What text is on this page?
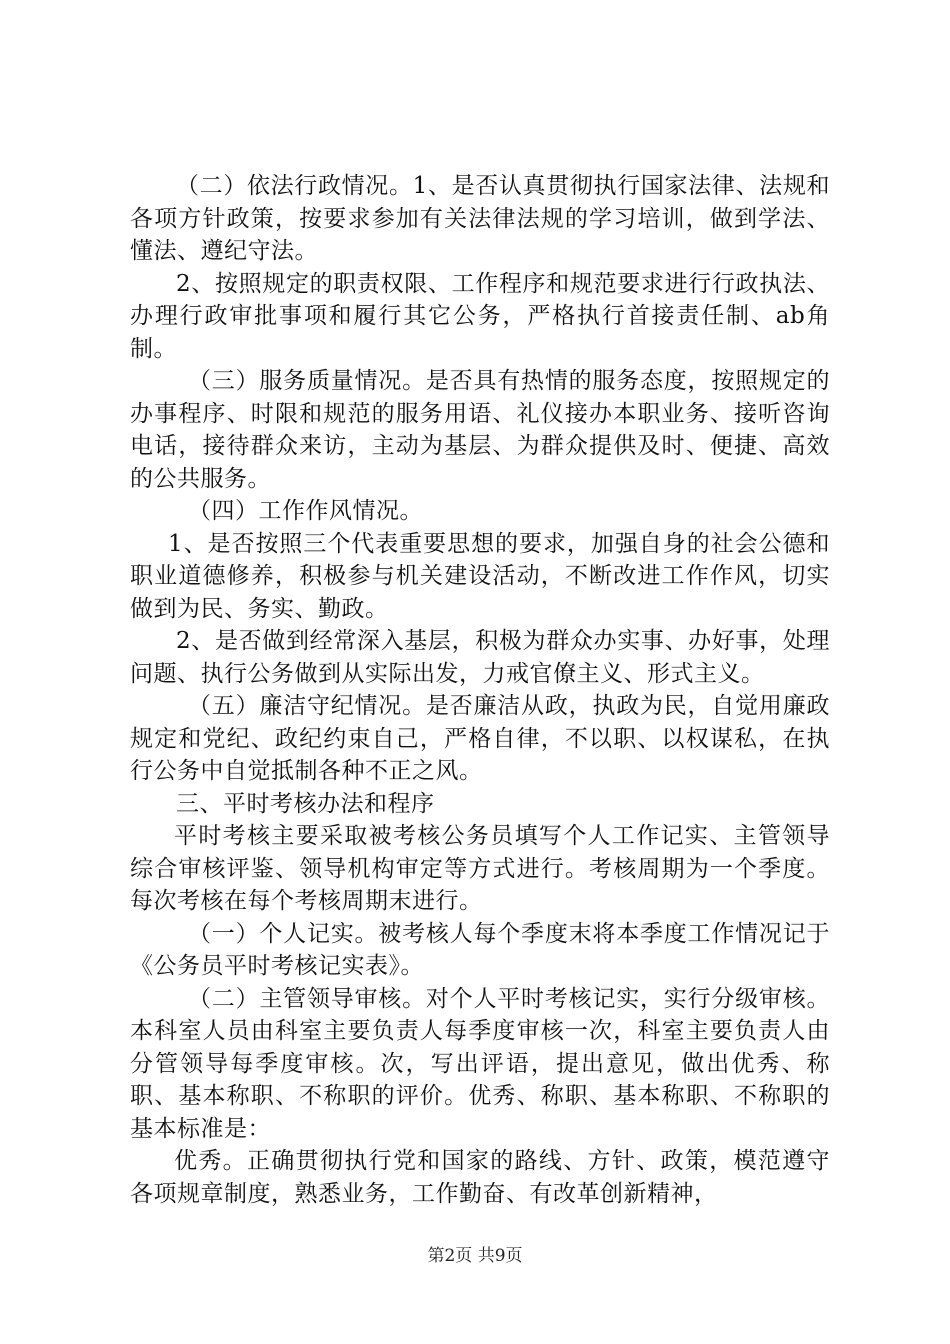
（二）依法行政情况。1、是否认真贯彻执行国家法律、法规和各项方针政策，按要求参加有关法律法规的学习培训，做到学法、懂法、遵纪守法。

2、按照规定的职责权限、工作程序和规范要求进行行政执法、办理行政审批事项和履行其它公务，严格执行首接责任制、ab角制。

（三）服务质量情况。是否具有热情的服务态度，按照规定的办事程序、时限和规范的服务用语、礼仪接办本职业务、接听咨询电话，接待群众来访，主动为基层、为群众提供及时、便捷、高效的公共服务。

（四）工作作风情况。

1、是否按照三个代表重要思想的要求，加强自身的社会公德和职业道德修养，积极参与机关建设活动，不断改进工作作风，切实做到为民、务实、勤政。

2、是否做到经常深入基层，积极为群众办实事、办好事，处理问题、执行公务做到从实际出发，力戒官僚主义、形式主义。

（五）廉洁守纪情况。是否廉洁从政，执政为民，自觉用廉政规定和党纪、政纪约束自己，严格自律，不以职、以权谋私，在执行公务中自觉抵制各种不正之风。

三、平时考核办法和程序

平时考核主要采取被考核公务员填写个人工作记实、主管领导综合审核评鉴、领导机构审定等方式进行。考核周期为一个季度。每次考核在每个考核周期末进行。

（一）个人记实。被考核人每个季度末将本季度工作情况记于《公务员平时考核记实表》。

（二）主管领导审核。对个人平时考核记实，实行分级审核。本科室人员由科室主要负责人每季度审核一次，科室主要负责人由分管领导每季度审核。次，写出评语，提出意见，做出优秀、称职、基本称职、不称职的评价。优秀、称职、基本称职、不称职的基本标准是：

优秀。正确贯彻执行党和国家的路线、方针、政策，模范遵守各项规章制度，熟悉业务，工作勤奋、有改革创新精神，

第2页 共9页
